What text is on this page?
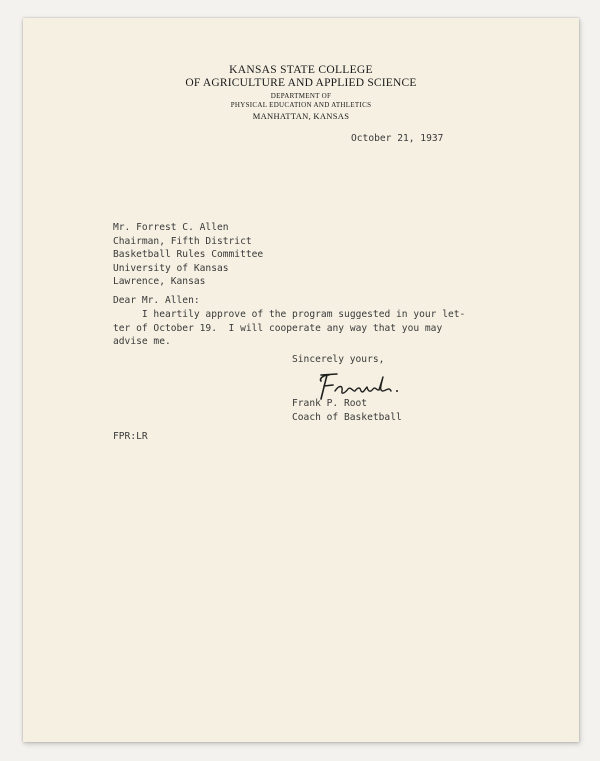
KANSAS STATE COLLEGE
OF AGRICULTURE AND APPLIED SCIENCE
DEPARTMENT OF
PHYSICAL EDUCATION AND ATHLETICS
MANHATTAN, KANSAS
October 21, 1937
Mr. Forrest C. Allen
Chairman, Fifth District
Basketball Rules Committee
University of Kansas
Lawrence, Kansas
Dear Mr. Allen:
I heartily approve of the program suggested in your let-
ter of October 19.  I will cooperate any way that you may
advise me.
Sincerely yours,
Frank P. Root
Coach of Basketball
FPR:LR
